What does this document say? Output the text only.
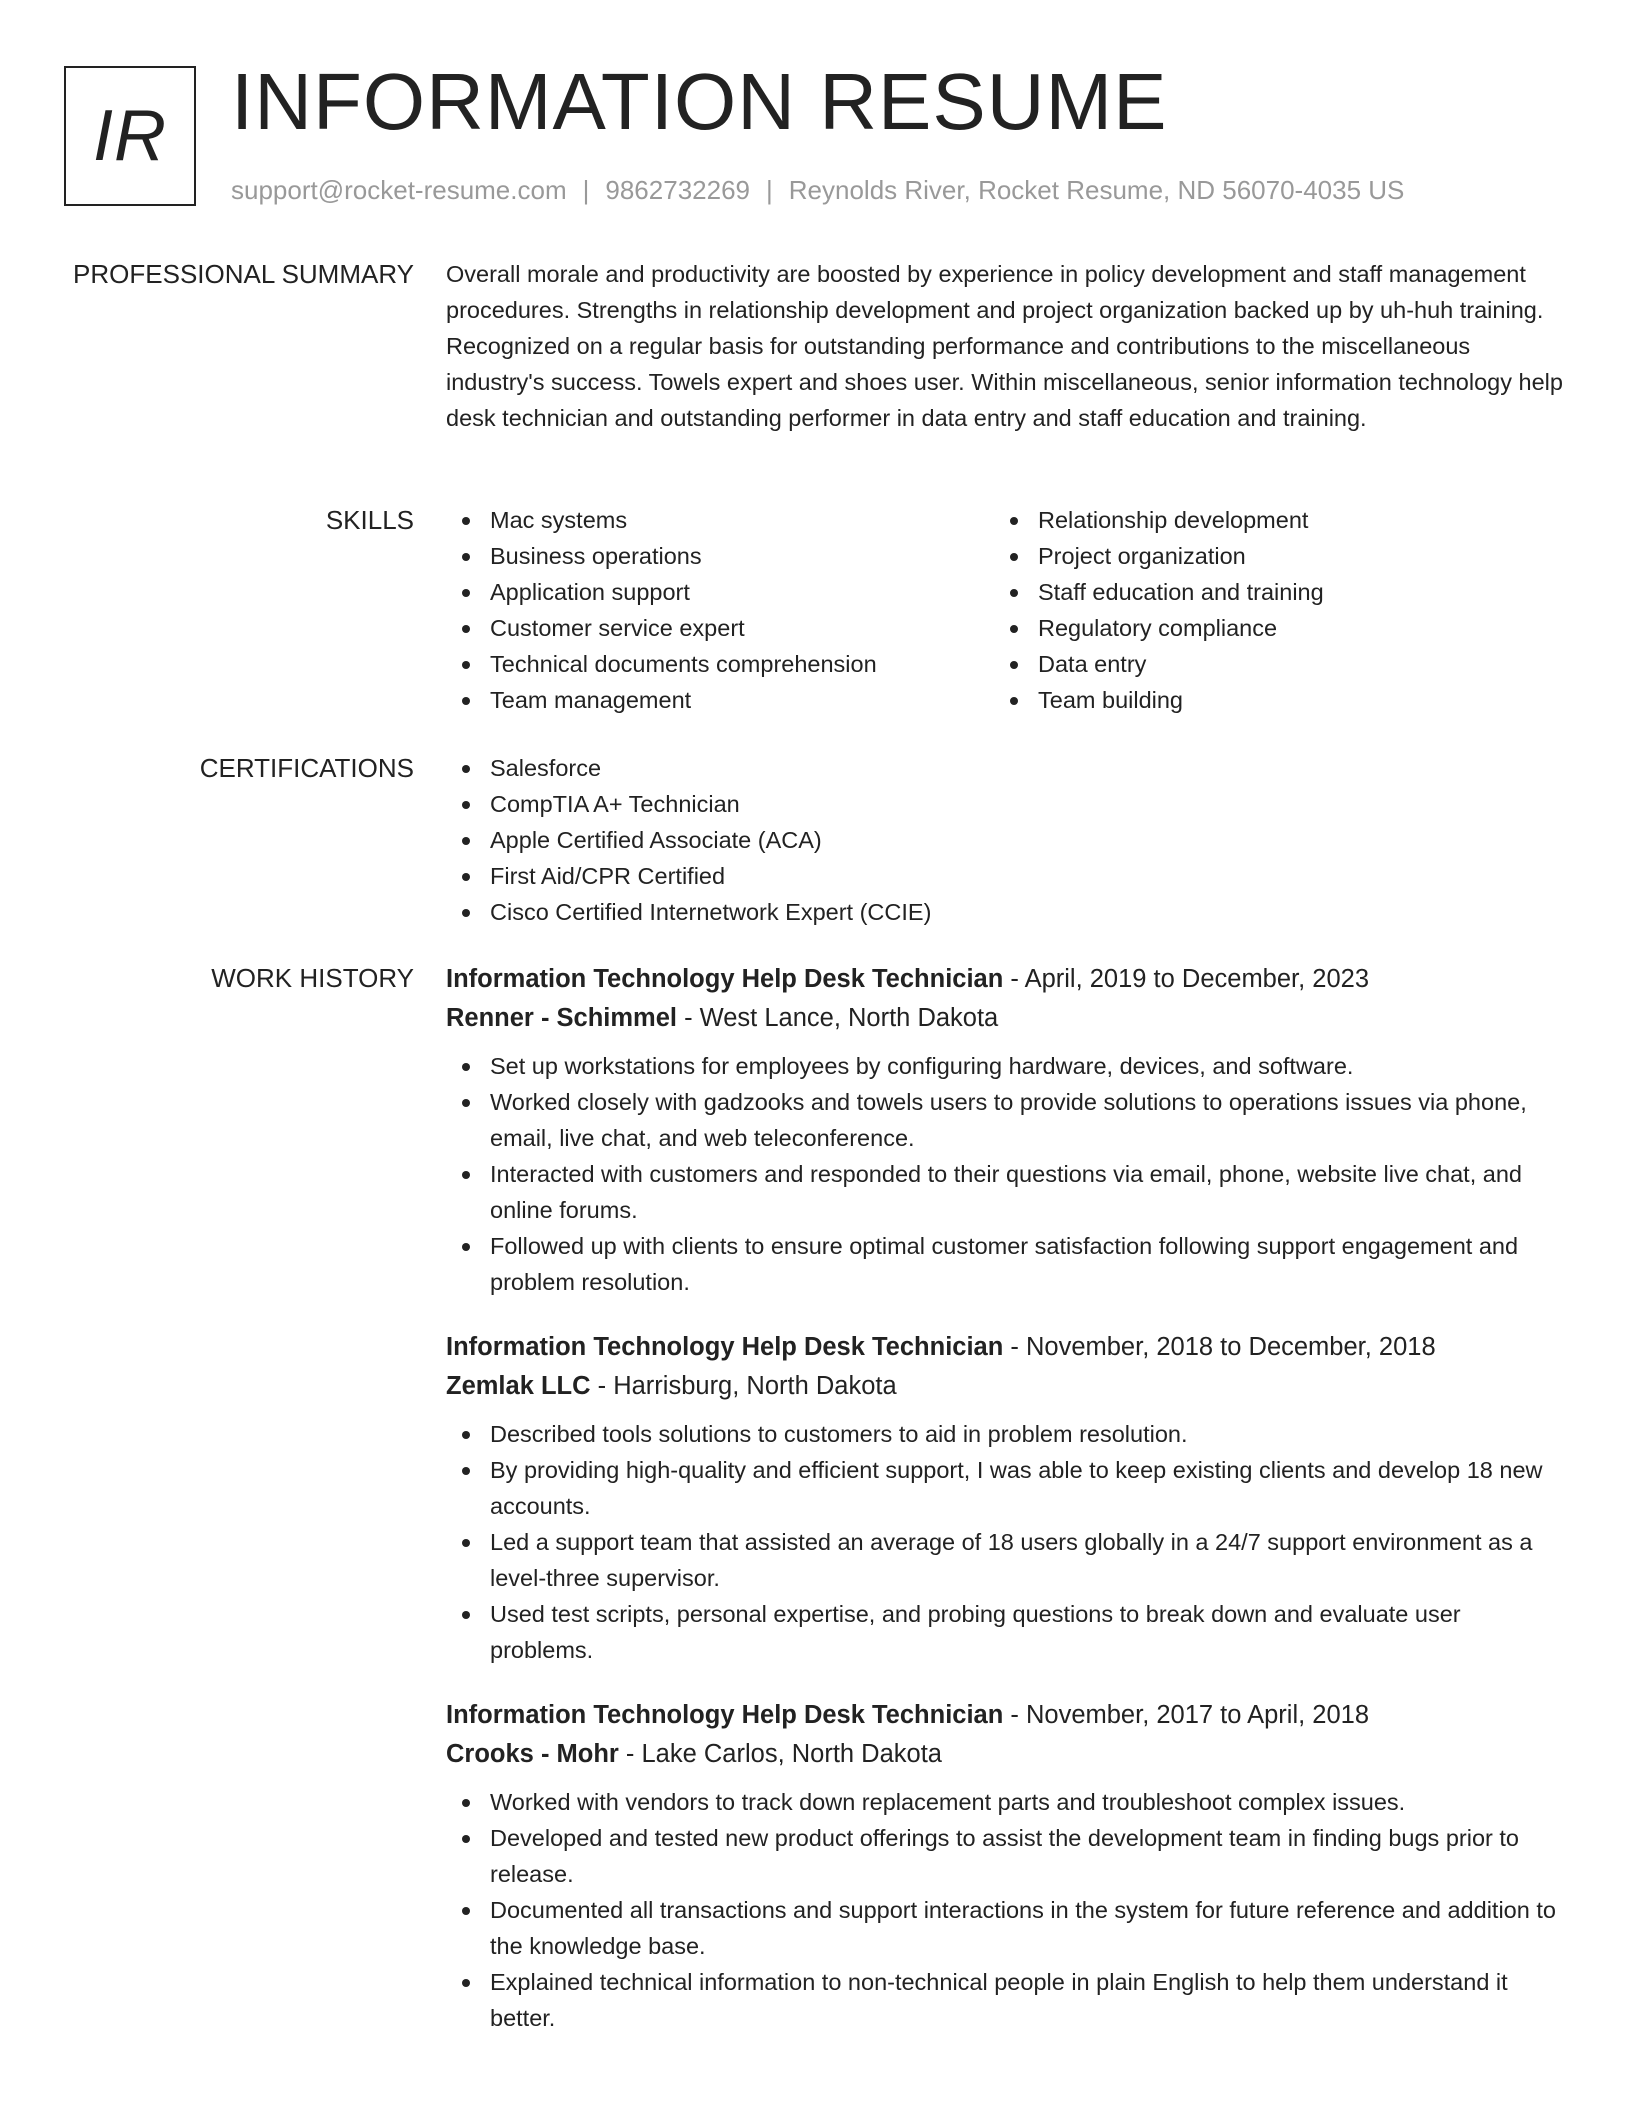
IR INFORMATION RESUME
support@rocket-resume.com | 9862732269 | Reynolds River, Rocket Resume, ND 56070-4035 US
PROFESSIONAL SUMMARY Overall morale and productivity are boosted by experience in policy development and staff management procedures. Strengths in relationship development and project organization backed up by uh-huh training. Recognized on a regular basis for outstanding performance and contributions to the miscellaneous industry's success. Towels expert and shoes user. Within miscellaneous, senior information technology help desk technician and outstanding performer in data entry and staff education and training.

SKILLS	Mac systems
Business operations
Application support
Customer service expert
Technical documents comprehension
Team management
Relationship development
Project organization
Staff education and training
Regulatory compliance
Data entry
Team building
CERTIFICATIONS	Salesforce
CompTIA A+ Technician
Apple Certified Associate (ACA)
First Aid/CPR Certified
Cisco Certified Internetwork Expert (CCIE)
WORK HISTORY Information Technology Help Desk Technician - April, 2019 to December, 2023
Renner - Schimmel - West Lance, North Dakota
Set up workstations for employees by configuring hardware, devices, and software.
Worked closely with gadzooks and towels users to provide solutions to operations issues via phone, email, live chat, and web teleconference.
Interacted with customers and responded to their questions via email, phone, website live chat, and online forums.
Followed up with clients to ensure optimal customer satisfaction following support engagement and problem resolution.
Information Technology Help Desk Technician - November, 2018 to December, 2018
Zemlak LLC - Harrisburg, North Dakota
Described tools solutions to customers to aid in problem resolution.
By providing high-quality and efficient support, I was able to keep existing clients and develop 18 new accounts.
Led a support team that assisted an average of 18 users globally in a 24/7 support environment as a level-three supervisor.
Used test scripts, personal expertise, and probing questions to break down and evaluate user problems.
Information Technology Help Desk Technician - November, 2017 to April, 2018
Crooks - Mohr - Lake Carlos, North Dakota
Worked with vendors to track down replacement parts and troubleshoot complex issues.
Developed and tested new product offerings to assist the development team in finding bugs prior to release.
Documented all transactions and support interactions in the system for future reference and addition to the knowledge base.
Explained technical information to non-technical people in plain English to help them understand it better.
